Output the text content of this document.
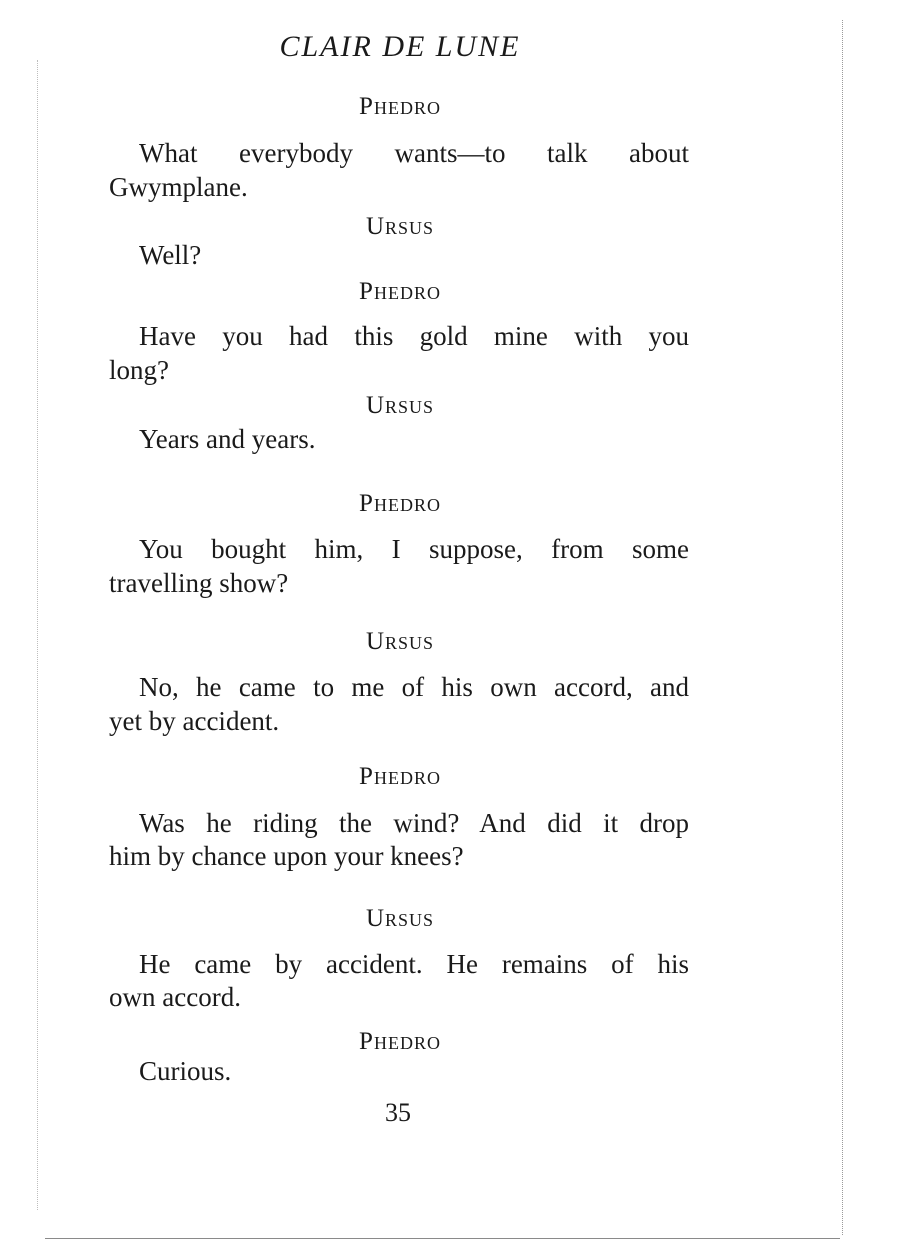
CLAIR DE LUNE
Phedro
What everybody wants—to talk about
Gwymplane.
Ursus
Well?
Phedro
Have you had this gold mine with you
long?
Ursus
Years and years.
Phedro
You bought him, I suppose, from some
travelling show?
Ursus
No, he came to me of his own accord, and
yet by accident.
Phedro
Was he riding the wind? And did it drop
him by chance upon your knees?
Ursus
He came by accident. He remains of his
own accord.
Phedro
Curious.
35
